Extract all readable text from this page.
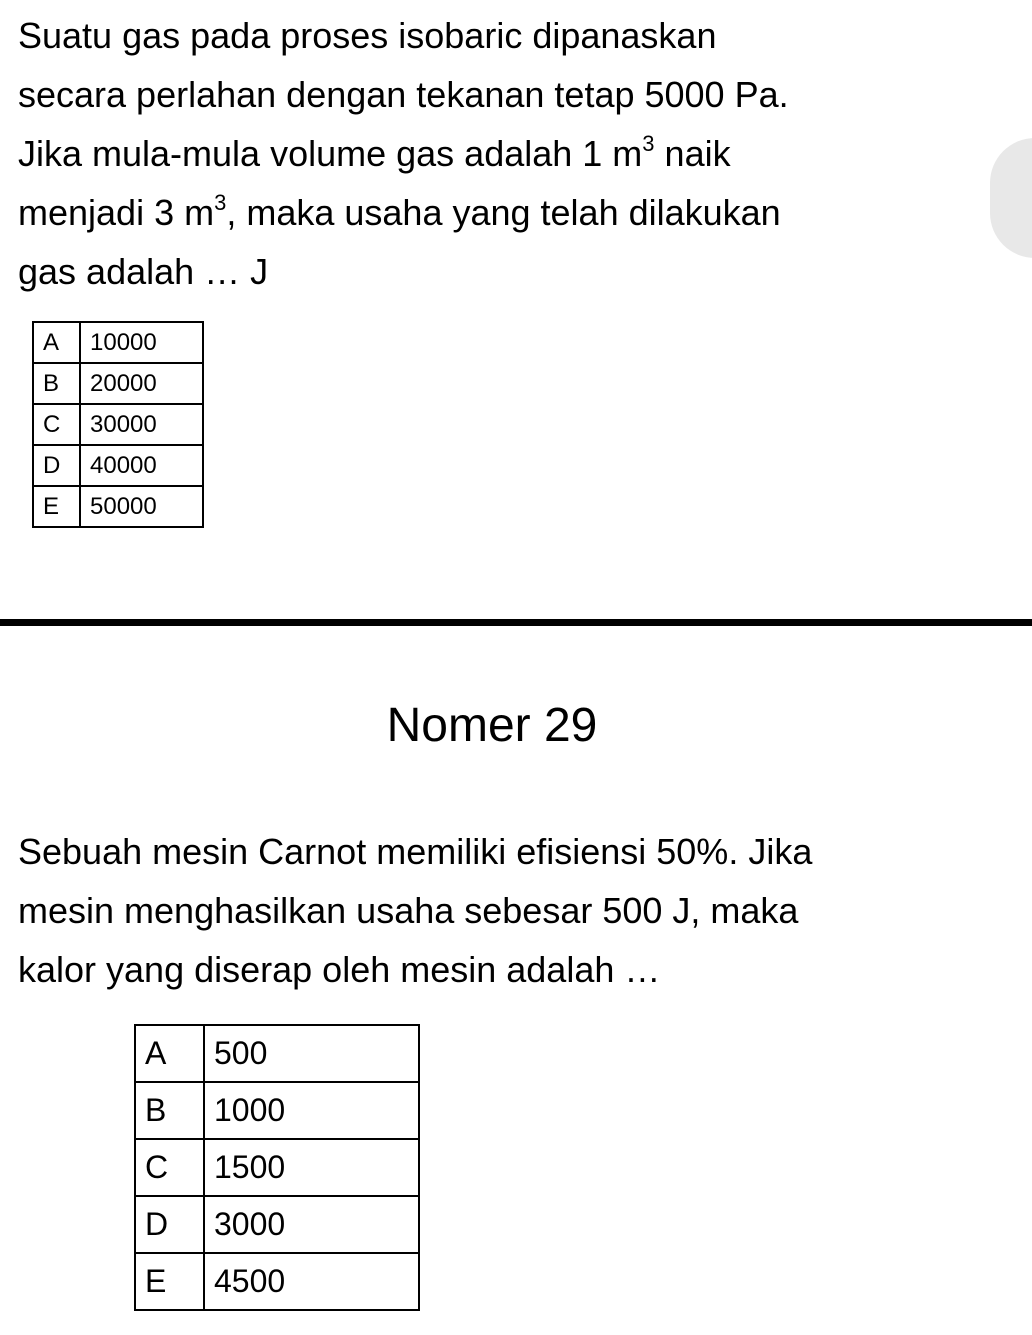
Suatu gas pada proses isobaric dipanaskan
secara perlahan dengan tekanan tetap 5000 Pa.
Jika mula-mula volume gas adalah 1 $m^3$ naik
menjadi 3 $m^3$, maka usaha yang telah dilakukan
gas adalah … J
A	10000
B	20000
C	30000
D	40000
E	50000
Nomer 29
Sebuah mesin Carnot memiliki efisiensi 50%. Jika
mesin menghasilkan usaha sebesar 500 J, maka
kalor yang diserap oleh mesin adalah …
A	500
B	1000
C	1500
D	3000
E	4500
